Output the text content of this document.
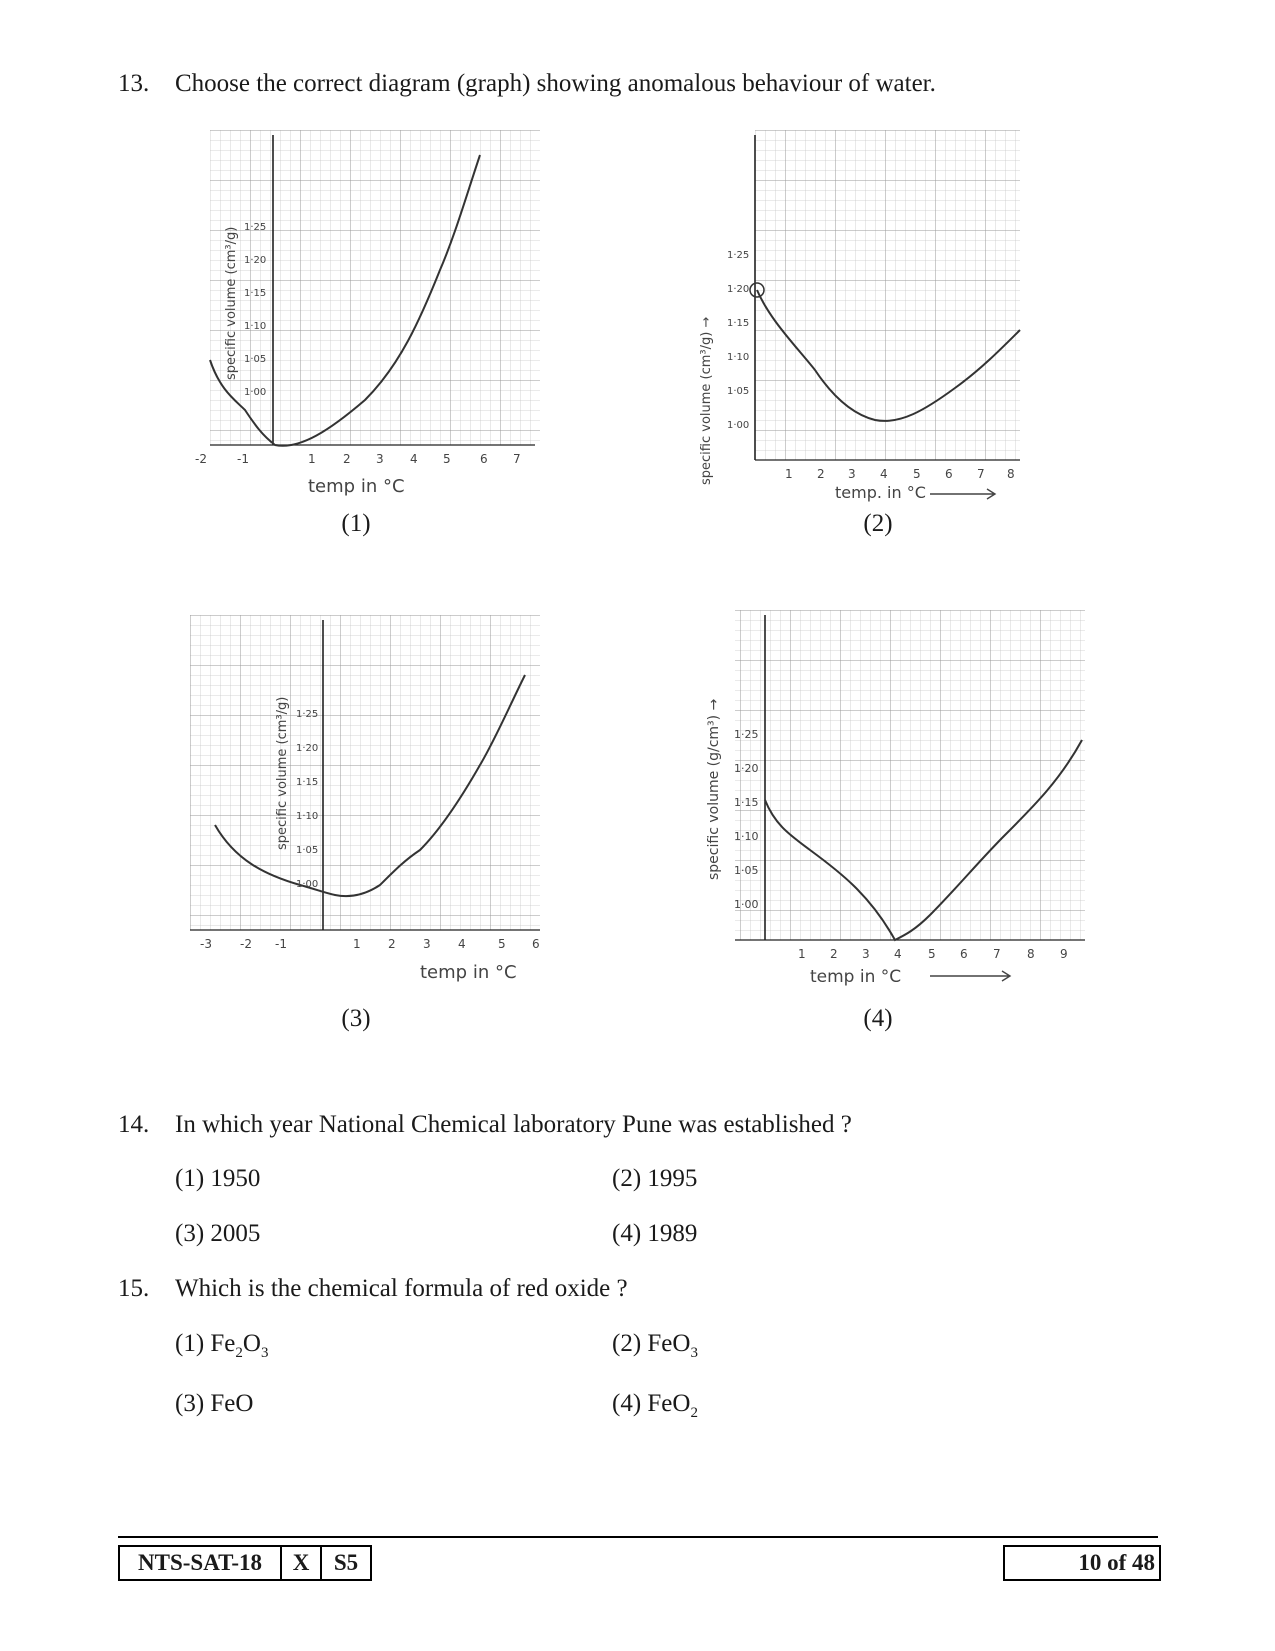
13. Choose the correct diagram (graph) showing anomalous behaviour of water.
1·25
1·20
1·15
1·10
1·05
1·00
specific volume (cm³/g)
-2	-1	1 2 3 4 5 6 7
temp in °C
(1)
1·25
1·20
1·15
1·10
1·05
1·00
specific volume (cm³/g) →	1 2 3 4 5 6 7 8
temp. in °C
(2)
1·25
1·20
1·15
1·10
1·05
1·00
specific volume (cm³/g)
-3 -2 -1	1 2 3 4	5 6
temp in °C
(3)
1·25
1·20
1·15
1·10
1·05
1·00
specific volume (g/cm³) →
1 2 3 4 5 6 7 8 9
temp in °C
(4)
14. In which year National Chemical laboratory Pune was established ?
(1) 1950	(2) 1995
(3) 2005	(4) 1989
15. Which is the chemical formula of red oxide ?
(1) $Fe_2O_3$	(2) FeO$_3$
(3) FeO	(4) FeO$_2$
NTS-SAT-18	X	S5	10 of 48
